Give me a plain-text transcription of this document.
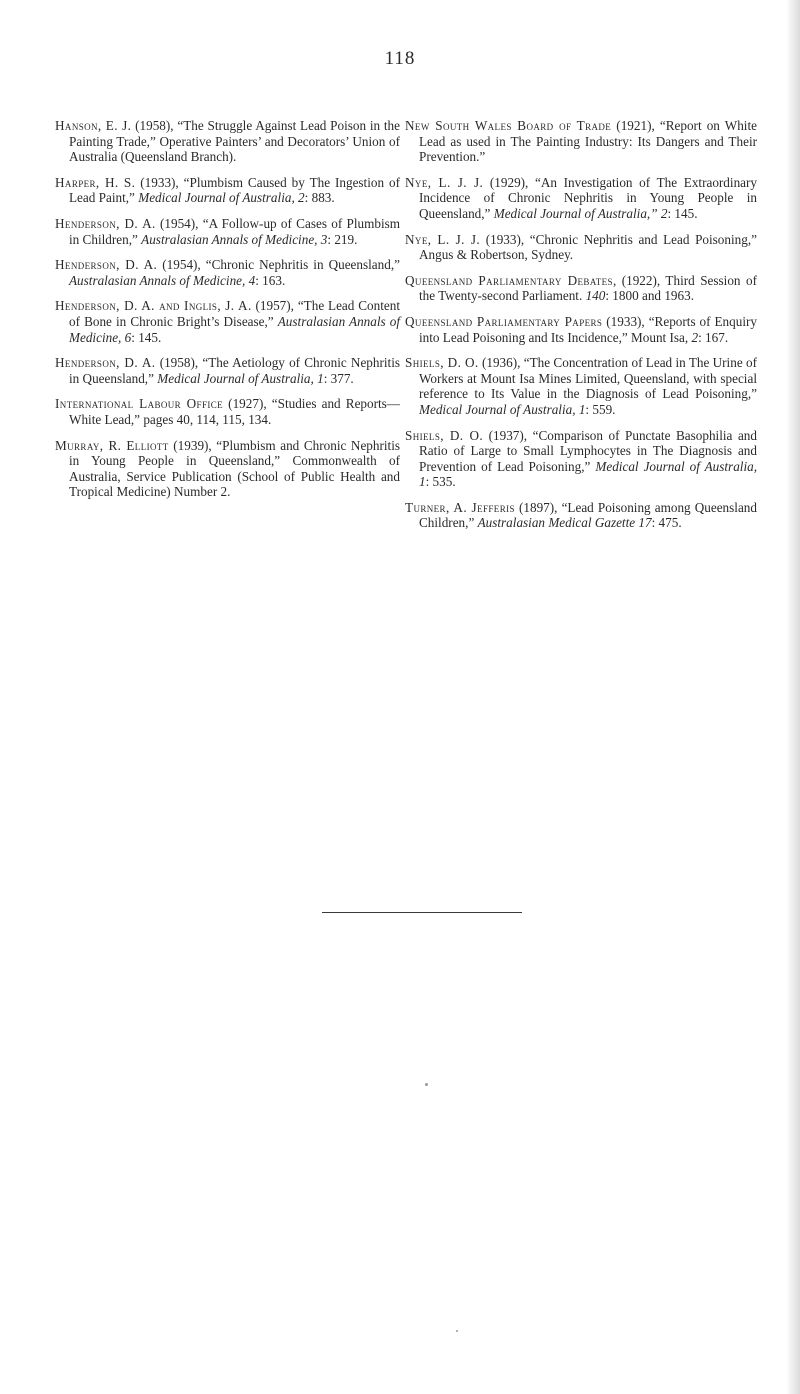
118

Hanson, E. J. (1958), “The Struggle Against Lead Poison in the Painting Trade,” Operative Painters’ and Decorators’ Union of Australia (Queensland Branch).

Harper, H. S. (1933), “Plumbism Caused by The Ingestion of Lead Paint,” Medical Journal of Australia, 2: 883.

Henderson, D. A. (1954), “A Follow-up of Cases of Plumbism in Children,” Australasian Annals of Medicine, 3: 219.

Henderson, D. A. (1954), “Chronic Nephritis in Queensland,” Australasian Annals of Medicine, 4: 163.

Henderson, D. A. and Inglis, J. A. (1957), “The Lead Content of Bone in Chronic Bright’s Disease,” Australasian Annals of Medicine, 6: 145.

Henderson, D. A. (1958), “The Aetiology of Chronic Nephritis in Queensland,” Medical Journal of Australia, 1: 377.

International Labour Office (1927), “Studies and Reports—White Lead,” pages 40, 114, 115, 134.

Murray, R. Elliott (1939), “Plumbism and Chronic Nephritis in Young People in Queensland,” Commonwealth of Australia, Service Publication (School of Public Health and Tropical Medicine) Number 2.

New South Wales Board of Trade (1921), “Report on White Lead as used in The Painting Industry: Its Dangers and Their Prevention.”

Nye, L. J. J. (1929), “An Investigation of The Extraordinary Incidence of Chronic Nephritis in Young People in Queensland,” Medical Journal of Australia,” 2: 145.

Nye, L. J. J. (1933), “Chronic Nephritis and Lead Poisoning,” Angus & Robertson, Sydney.

Queensland Parliamentary Debates, (1922), Third Session of the Twenty-second Parliament. 140: 1800 and 1963.

Queensland Parliamentary Papers (1933), “Reports of Enquiry into Lead Poisoning and Its Incidence,” Mount Isa, 2: 167.

Shiels, D. O. (1936), “The Concentration of Lead in The Urine of Workers at Mount Isa Mines Limited, Queensland, with special reference to Its Value in the Diagnosis of Lead Poisoning,” Medical Journal of Australia, 1: 559.

Shiels, D. O. (1937), “Comparison of Punctate Basophilia and Ratio of Large to Small Lymphocytes in The Diagnosis and Prevention of Lead Poisoning,” Medical Journal of Australia, 1: 535.

Turner, A. Jefferis (1897), “Lead Poisoning among Queensland Children,” Australasian Medical Gazette 17: 475.
